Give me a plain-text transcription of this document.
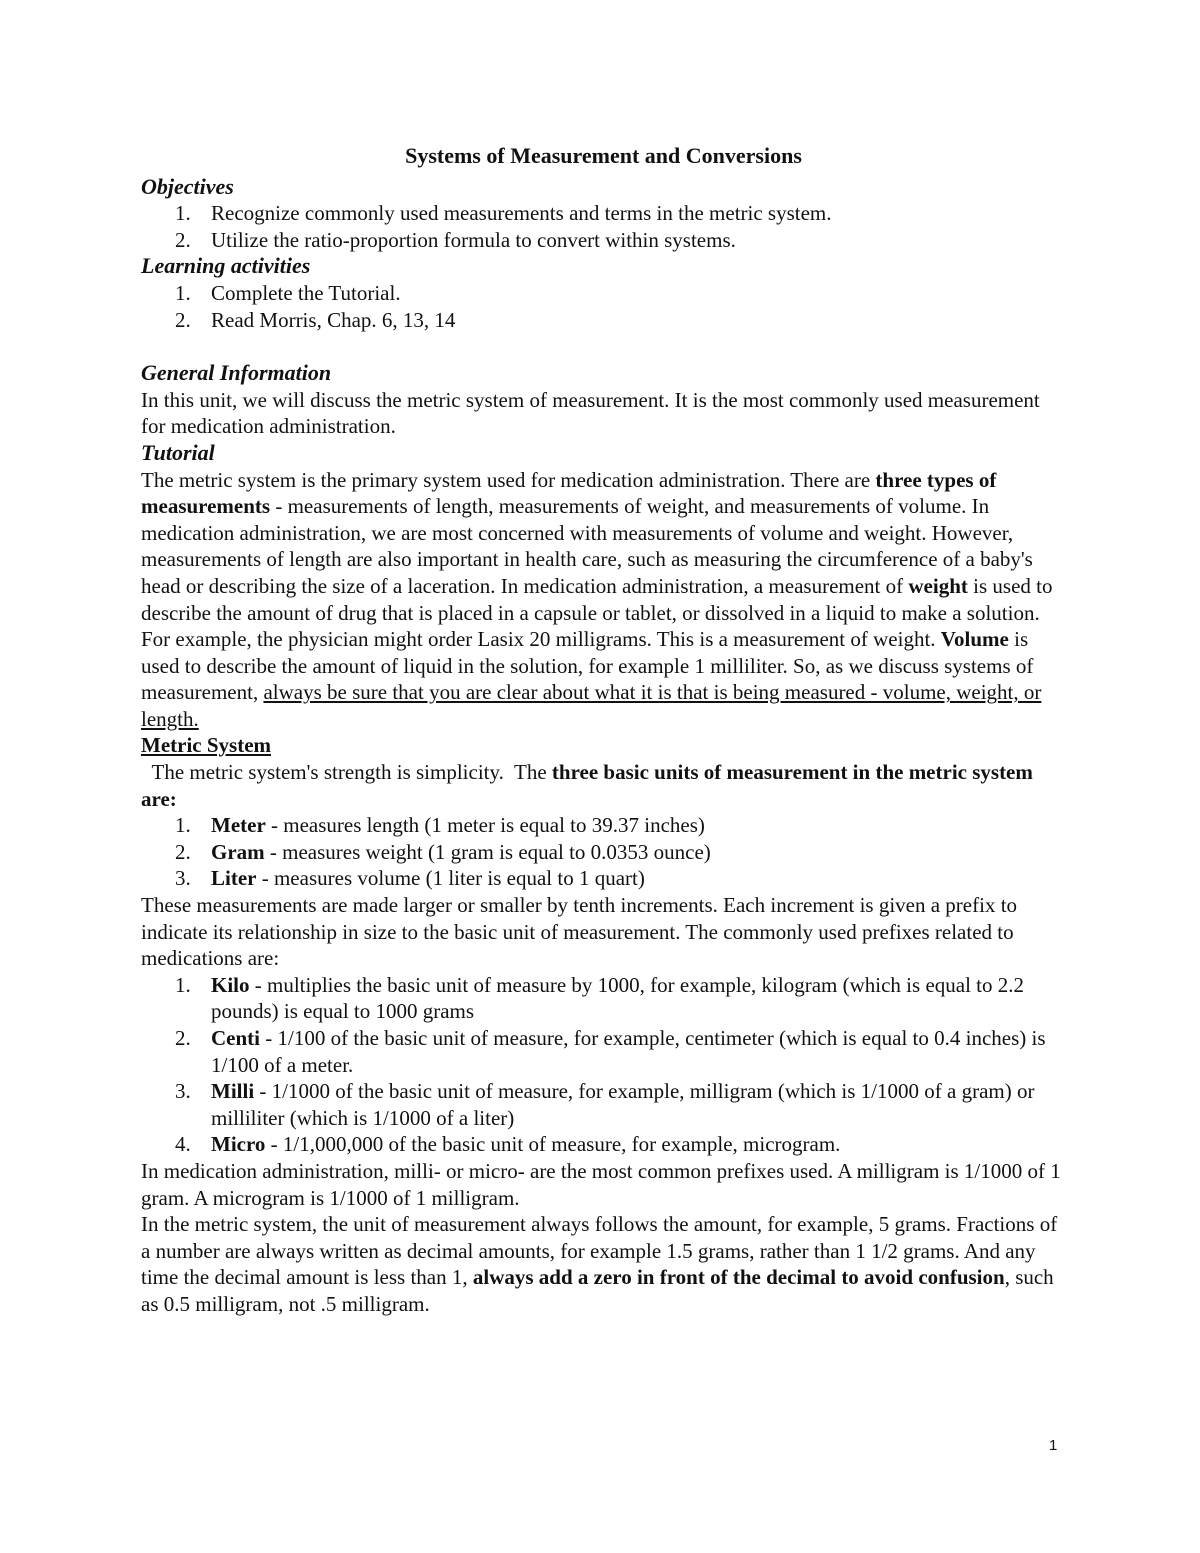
Systems of Measurement and Conversions

Objectives

1. Recognize commonly used measurements and terms in the metric system.
2. Utilize the ratio-proportion formula to convert within systems.

Learning activities

1. Complete the Tutorial.
2. Read Morris, Chap. 6, 13, 14

General Information

In this unit, we will discuss the metric system of measurement. It is the most commonly used measurement for medication administration.

Tutorial

The metric system is the primary system used for medication administration. There are three types of measurements - measurements of length, measurements of weight, and measurements of volume. In medication administration, we are most concerned with measurements of volume and weight. However, measurements of length are also important in health care, such as measuring the circumference of a baby's head or describing the size of a laceration. In medication administration, a measurement of weight is used to describe the amount of drug that is placed in a capsule or tablet, or dissolved in a liquid to make a solution. For example, the physician might order Lasix 20 milligrams. This is a measurement of weight. Volume is used to describe the amount of liquid in the solution, for example 1 milliliter. So, as we discuss systems of measurement, always be sure that you are clear about what it is that is being measured - volume, weight, or length.

Metric System

The metric system's strength is simplicity.  The three basic units of measurement in the metric system are:

1. Meter - measures length (1 meter is equal to 39.37 inches)
2. Gram - measures weight (1 gram is equal to 0.0353 ounce)
3. Liter - measures volume (1 liter is equal to 1 quart)

These measurements are made larger or smaller by tenth increments. Each increment is given a prefix to indicate its relationship in size to the basic unit of measurement. The commonly used prefixes related to medications are:

1. Kilo - multiplies the basic unit of measure by 1000, for example, kilogram (which is equal to 2.2 pounds) is equal to 1000 grams
2. Centi - 1/100 of the basic unit of measure, for example, centimeter (which is equal to 0.4 inches) is 1/100 of a meter.
3. Milli - 1/1000 of the basic unit of measure, for example, milligram (which is 1/1000 of a gram) or milliliter (which is 1/1000 of a liter)
4. Micro - 1/1,000,000 of the basic unit of measure, for example, microgram.

In medication administration, milli- or micro- are the most common prefixes used. A milligram is 1/1000 of 1 gram. A microgram is 1/1000 of 1 milligram.

In the metric system, the unit of measurement always follows the amount, for example, 5 grams. Fractions of a number are always written as decimal amounts, for example 1.5 grams, rather than 1 1/2 grams. And any time the decimal amount is less than 1, always add a zero in front of the decimal to avoid confusion, such as 0.5 milligram, not .5 milligram.

1
